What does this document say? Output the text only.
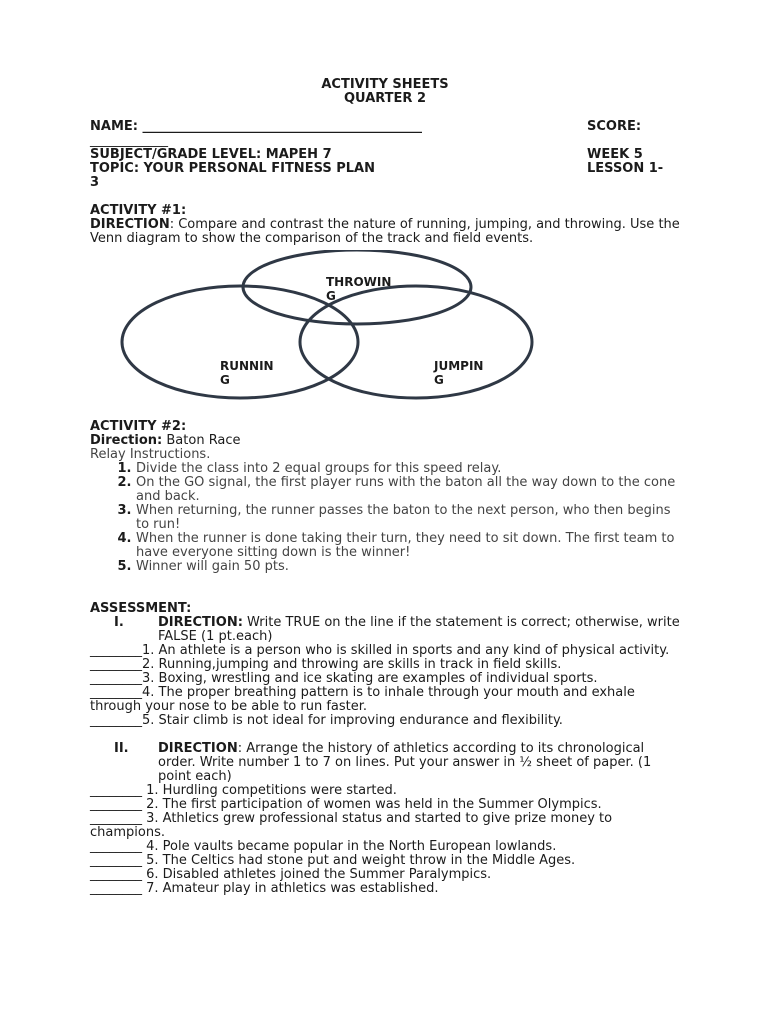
ACTIVITY SHEETS
QUARTER 2
NAME: ___________________________________________	SCORE:
____________
SUBJECT/GRADE LEVEL: MAPEH 7	WEEK 5
TOPIC: YOUR PERSONAL FITNESS PLAN	LESSON 1-
3
ACTIVITY #1:

DIRECTION: Compare and contrast the nature of running, jumping, and throwing. Use the Venn diagram to show the comparison of the track and field events.

THROWIN
G
RUNNIN
G
JUMPIN
G
ACTIVITY #2:

Direction: Baton Race

Relay Instructions.
1. Divide the class into 2 equal groups for this speed relay.
2. On the GO signal, the first player runs with the baton all the way down to the cone and back.
3. When returning, the runner passes the baton to the next person, who then begins to run!
4. When the runner is done taking their turn, they need to sit down. The first team to have everyone sitting down is the winner!
5. Winner will gain 50 pts.
ASSESSMENT:
I.	DIRECTION: Write TRUE on the line if the statement is correct; otherwise, write FALSE (1 pt.each)

________1. An athlete is a person who is skilled in sports and any kind of physical activity.

________2. Running,jumping and throwing are skills in track in field skills.

________3. Boxing, wrestling and ice skating are examples of individual sports.

________4. The proper breathing pattern is to inhale through your mouth and exhale through your nose to be able to run faster.

________5. Stair climb is not ideal for improving endurance and flexibility.

II. DIRECTION: Arrange the history of athletics according to its chronological order. Write number 1 to 7 on lines. Put your answer in ½ sheet of paper. (1 point each)

________ 1. Hurdling competitions were started.

________ 2. The first participation of women was held in the Summer Olympics.

________ 3. Athletics grew professional status and started to give prize money to champions.

________ 4. Pole vaults became popular in the North European lowlands.

________ 5. The Celtics had stone put and weight throw in the Middle Ages.

________ 6. Disabled athletes joined the Summer Paralympics.

________ 7. Amateur play in athletics was established.
